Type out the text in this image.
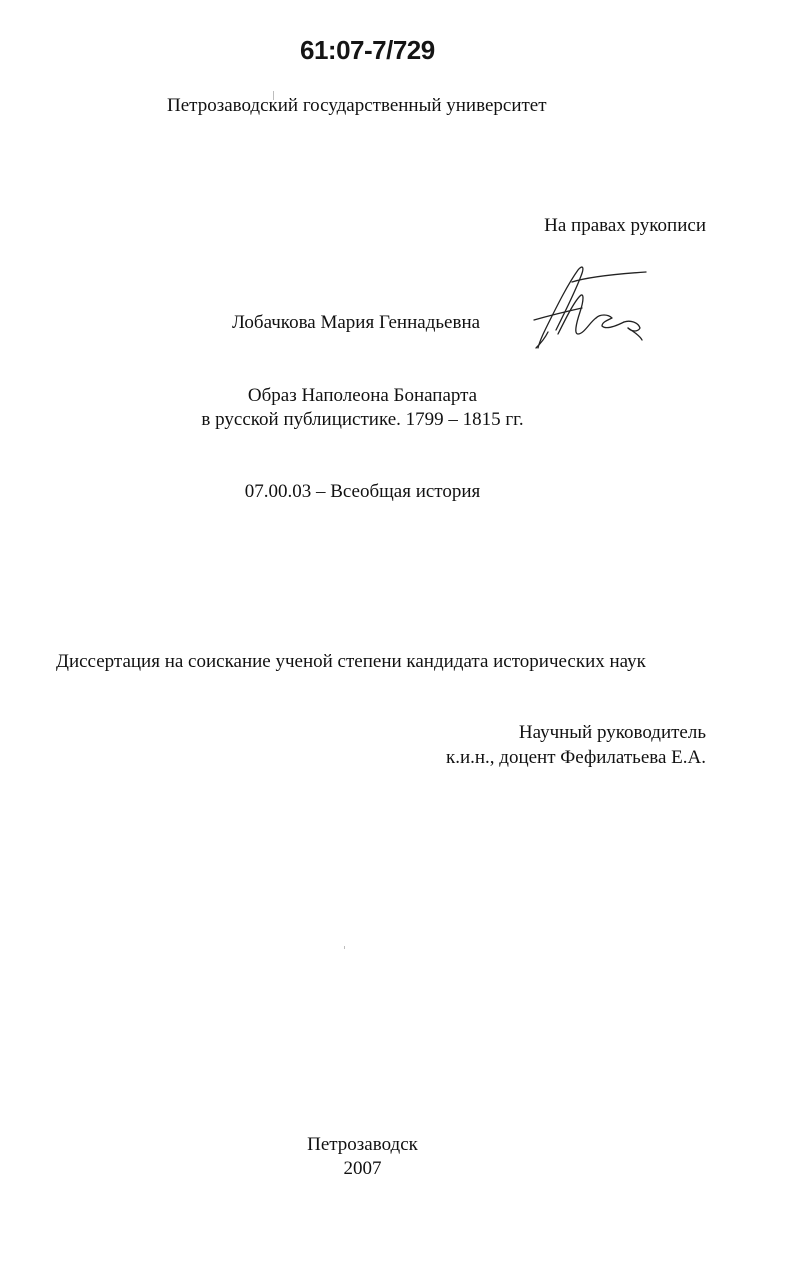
61:07-7/729
Петрозаводский государственный университет
На правах рукописи
Лобачкова Мария Геннадьевна
Образ Наполеона Бонапарта
в русской публицистике. 1799 – 1815 гг.
07.00.03 – Всеобщая история
Диссертация на соискание ученой степени кандидата исторических наук
Научный руководитель
к.и.н., доцент Фефилатьева Е.А.
Петрозаводск
2007
